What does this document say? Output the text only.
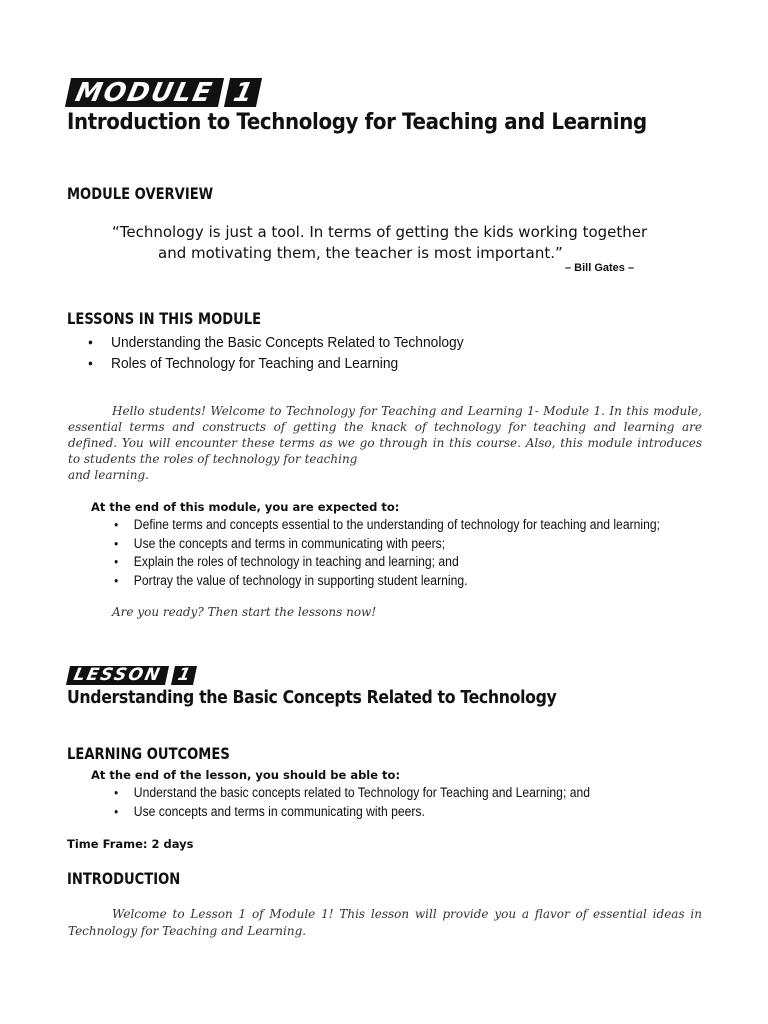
MODULE 1
Introduction to Technology for Teaching and Learning
MODULE OVERVIEW
“Technology is just a tool. In terms of getting the kids working together
and motivating them, the teacher is most important.”
– Bill Gates –
LESSONS IN THIS MODULE
● Understanding the Basic Concepts Related to Technology
● Roles of Technology for Teaching and Learning
Hello students! Welcome to Technology for Teaching and Learning 1- Module 1. In this module, essential terms and constructs of getting the knack of technology for teaching and learning are defined. You will encounter these terms as we go through in this course. Also, this module introduces to students the roles of technology for teaching
and learning.
At the end of this module, you are expected to:
● Define terms and concepts essential to the understanding of technology for teaching and learning;
● Use the concepts and terms in communicating with peers;
● Explain the roles of technology in teaching and learning; and
● Portray the value of technology in supporting student learning.
Are you ready? Then start the lessons now!
LESSON 1
Understanding the Basic Concepts Related to Technology
LEARNING OUTCOMES
At the end of the lesson, you should be able to:
● Understand the basic concepts related to Technology for Teaching and Learning; and
● Use concepts and terms in communicating with peers.
Time Frame: 2 days
INTRODUCTION
Welcome to Lesson 1 of Module 1! This lesson will provide you a flavor of essential ideas in Technology for Teaching and Learning.
